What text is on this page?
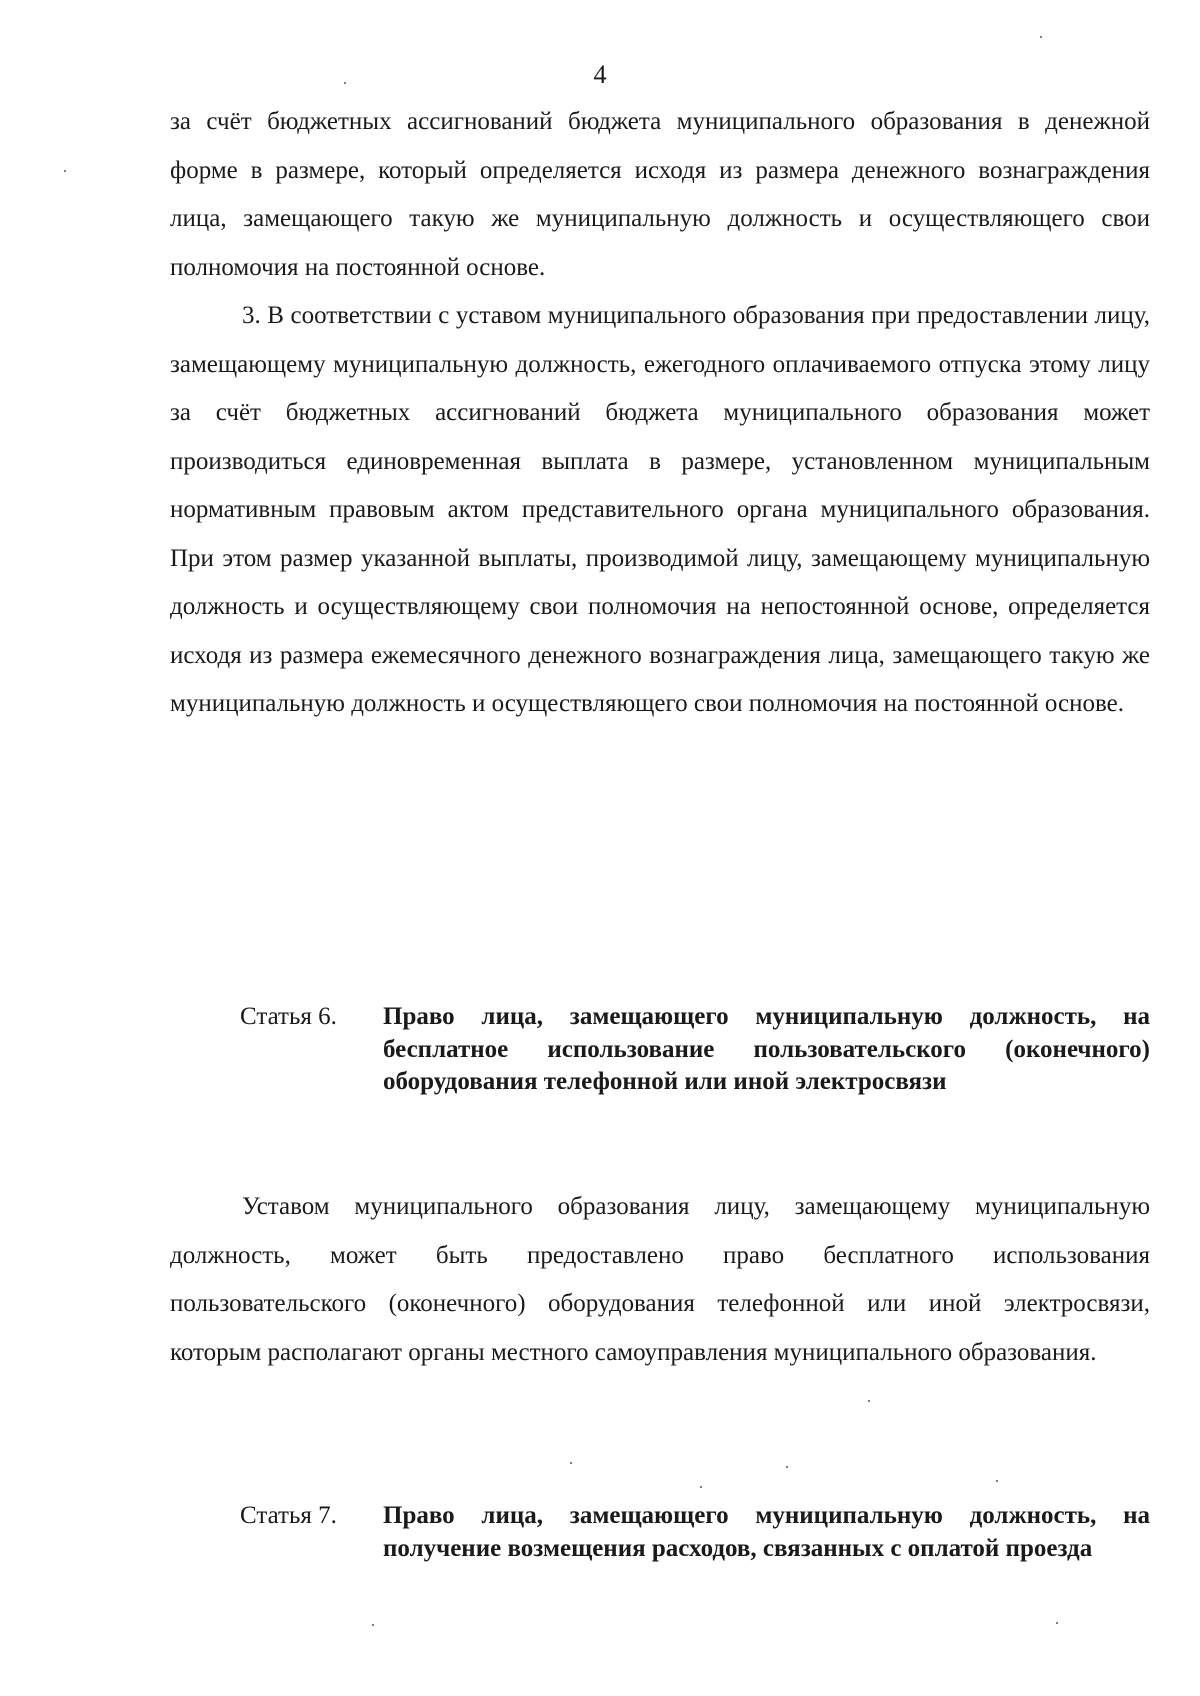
4

за счёт бюджетных ассигнований бюджета муниципального образования в денежной форме в размере, который определяется исходя из размера денежного вознаграждения лица, замещающего такую же муниципальную должность и осуществляющего свои полномочия на постоянной основе.

3. В соответствии с уставом муниципального образования при предоставлении лицу, замещающему муниципальную должность, ежегодного оплачиваемого отпуска этому лицу за счёт бюджетных ассигнований бюджета муниципального образования может производиться единовременная выплата в размере, установленном муниципальным нормативным правовым актом представительного органа муниципального образования. При этом размер указанной выплаты, производимой лицу, замещающему муниципальную должность и осуществляющему свои полномочия на непостоянной основе, определяется исходя из размера ежемесячного денежного вознаграждения лица, замещающего такую же муниципальную должность и осуществляющего свои полномочия на постоянной основе.

Статья 6.	Право лица, замещающего муниципальную должность, на бесплатное использование пользовательского (оконечного) оборудования телефонной или иной электросвязи

Уставом муниципального образования лицу, замещающему муниципальную должность, может быть предоставлено право бесплатного использования пользовательского (оконечного) оборудования телефонной или иной электросвязи, которым располагают органы местного самоуправления муниципального образования.

Статья 7.	Право лица, замещающего муниципальную должность, на получение возмещения расходов, связанных с оплатой проезда
